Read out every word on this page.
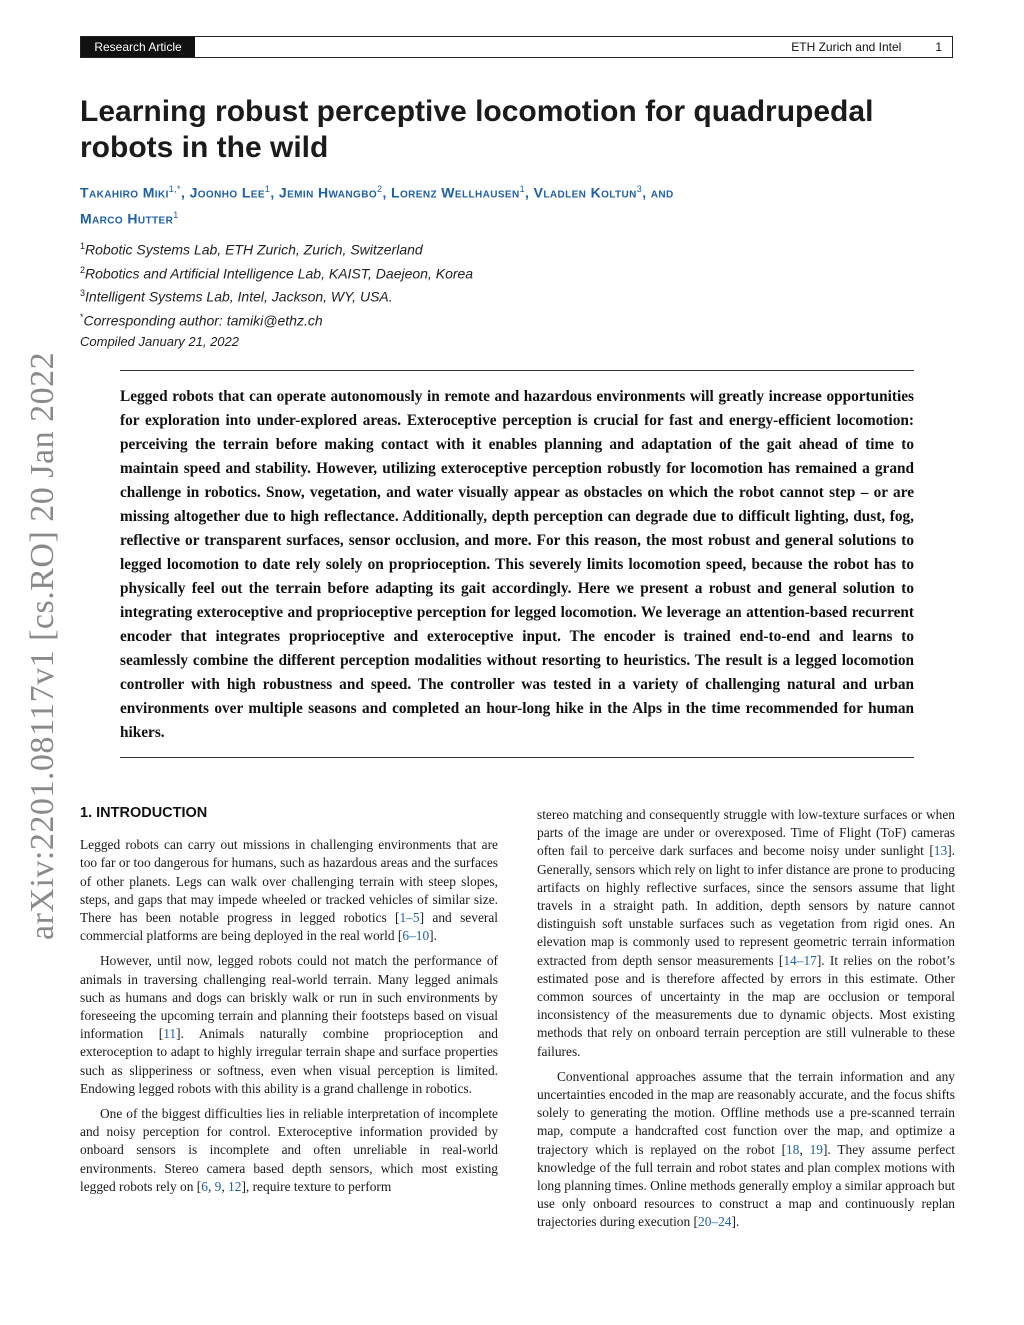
Research Article	ETH Zurich and Intel	1
arXiv:2201.08117v1 [cs.RO] 20 Jan 2022
Learning robust perceptive locomotion for quadrupedal robots in the wild
Takahiro Miki$^{1,*}$, Joonho Lee$^1$, Jemin Hwangbo$^2$, Lorenz Wellhausen$^1$, Vladlen Koltun$^3$, and
Marco Hutter$^1$
$^1$Robotic Systems Lab, ETH Zurich, Zurich, Switzerland
$^2$Robotics and Artificial Intelligence Lab, KAIST, Daejeon, Korea
$^3$Intelligent Systems Lab, Intel, Jackson, WY, USA.
*Corresponding author: tamiki@ethz.ch
Compiled January 21, 2022

Legged robots that can operate autonomously in remote and hazardous environments will greatly increase opportunities for exploration into under-explored areas. Exteroceptive perception is crucial for fast and energy-efficient locomotion: perceiving the terrain before making contact with it enables planning and adaptation of the gait ahead of time to maintain speed and stability. However, utilizing exteroceptive perception robustly for locomotion has remained a grand challenge in robotics. Snow, vegetation, and water visually appear as obstacles on which the robot cannot step – or are missing altogether due to high reflectance. Additionally, depth perception can degrade due to difficult lighting, dust, fog, reflective or transparent surfaces, sensor occlusion, and more. For this reason, the most robust and general solutions to legged locomotion to date rely solely on proprioception. This severely limits locomotion speed, because the robot has to physically feel out the terrain before adapting its gait accordingly. Here we present a robust and general solution to integrating exteroceptive and proprioceptive perception for legged locomotion. We leverage an attention-based recurrent encoder that integrates proprioceptive and exteroceptive input. The encoder is trained end-to-end and learns to seamlessly combine the different perception modalities without resorting to heuristics. The result is a legged locomotion controller with high robustness and speed. The controller was tested in a variety of challenging natural and urban environments over multiple seasons and completed an hour-long hike in the Alps in the time recommended for human hikers.

1. INTRODUCTION

Legged robots can carry out missions in challenging environments that are too far or too dangerous for humans, such as hazardous areas and the surfaces of other planets. Legs can walk over challenging terrain with steep slopes, steps, and gaps that may impede wheeled or tracked vehicles of similar size. There has been notable progress in legged robotics [1–5] and several commercial platforms are being deployed in the real world [6–10].

However, until now, legged robots could not match the performance of animals in traversing challenging real-world terrain. Many legged animals such as humans and dogs can briskly walk or run in such environments by foreseeing the upcoming terrain and planning their footsteps based on visual information [11]. Animals naturally combine proprioception and exteroception to adapt to highly irregular terrain shape and surface properties such as slipperiness or softness, even when visual perception is limited. Endowing legged robots with this ability is a grand challenge in robotics.

One of the biggest difficulties lies in reliable interpretation of incomplete and noisy perception for control. Exteroceptive information provided by onboard sensors is incomplete and often unreliable in real-world environments. Stereo camera based depth sensors, which most existing legged robots rely on [6, 9, 12], require texture to perform

stereo matching and consequently struggle with low-texture surfaces or when parts of the image are under or overexposed. Time of Flight (ToF) cameras often fail to perceive dark surfaces and become noisy under sunlight [13]. Generally, sensors which rely on light to infer distance are prone to producing artifacts on highly reflective surfaces, since the sensors assume that light travels in a straight path. In addition, depth sensors by nature cannot distinguish soft unstable surfaces such as vegetation from rigid ones. An elevation map is commonly used to represent geometric terrain information extracted from depth sensor measurements [14–17]. It relies on the robot’s estimated pose and is therefore affected by errors in this estimate. Other common sources of uncertainty in the map are occlusion or temporal inconsistency of the measurements due to dynamic objects. Most existing methods that rely on onboard terrain perception are still vulnerable to these failures.

Conventional approaches assume that the terrain information and any uncertainties encoded in the map are reasonably accurate, and the focus shifts solely to generating the motion. Offline methods use a pre-scanned terrain map, compute a handcrafted cost function over the map, and optimize a trajectory which is replayed on the robot [18, 19]. They assume perfect knowledge of the full terrain and robot states and plan complex motions with long planning times. Online methods generally employ a similar approach but use only onboard resources to construct a map and continuously replan trajectories during execution [20–24].
